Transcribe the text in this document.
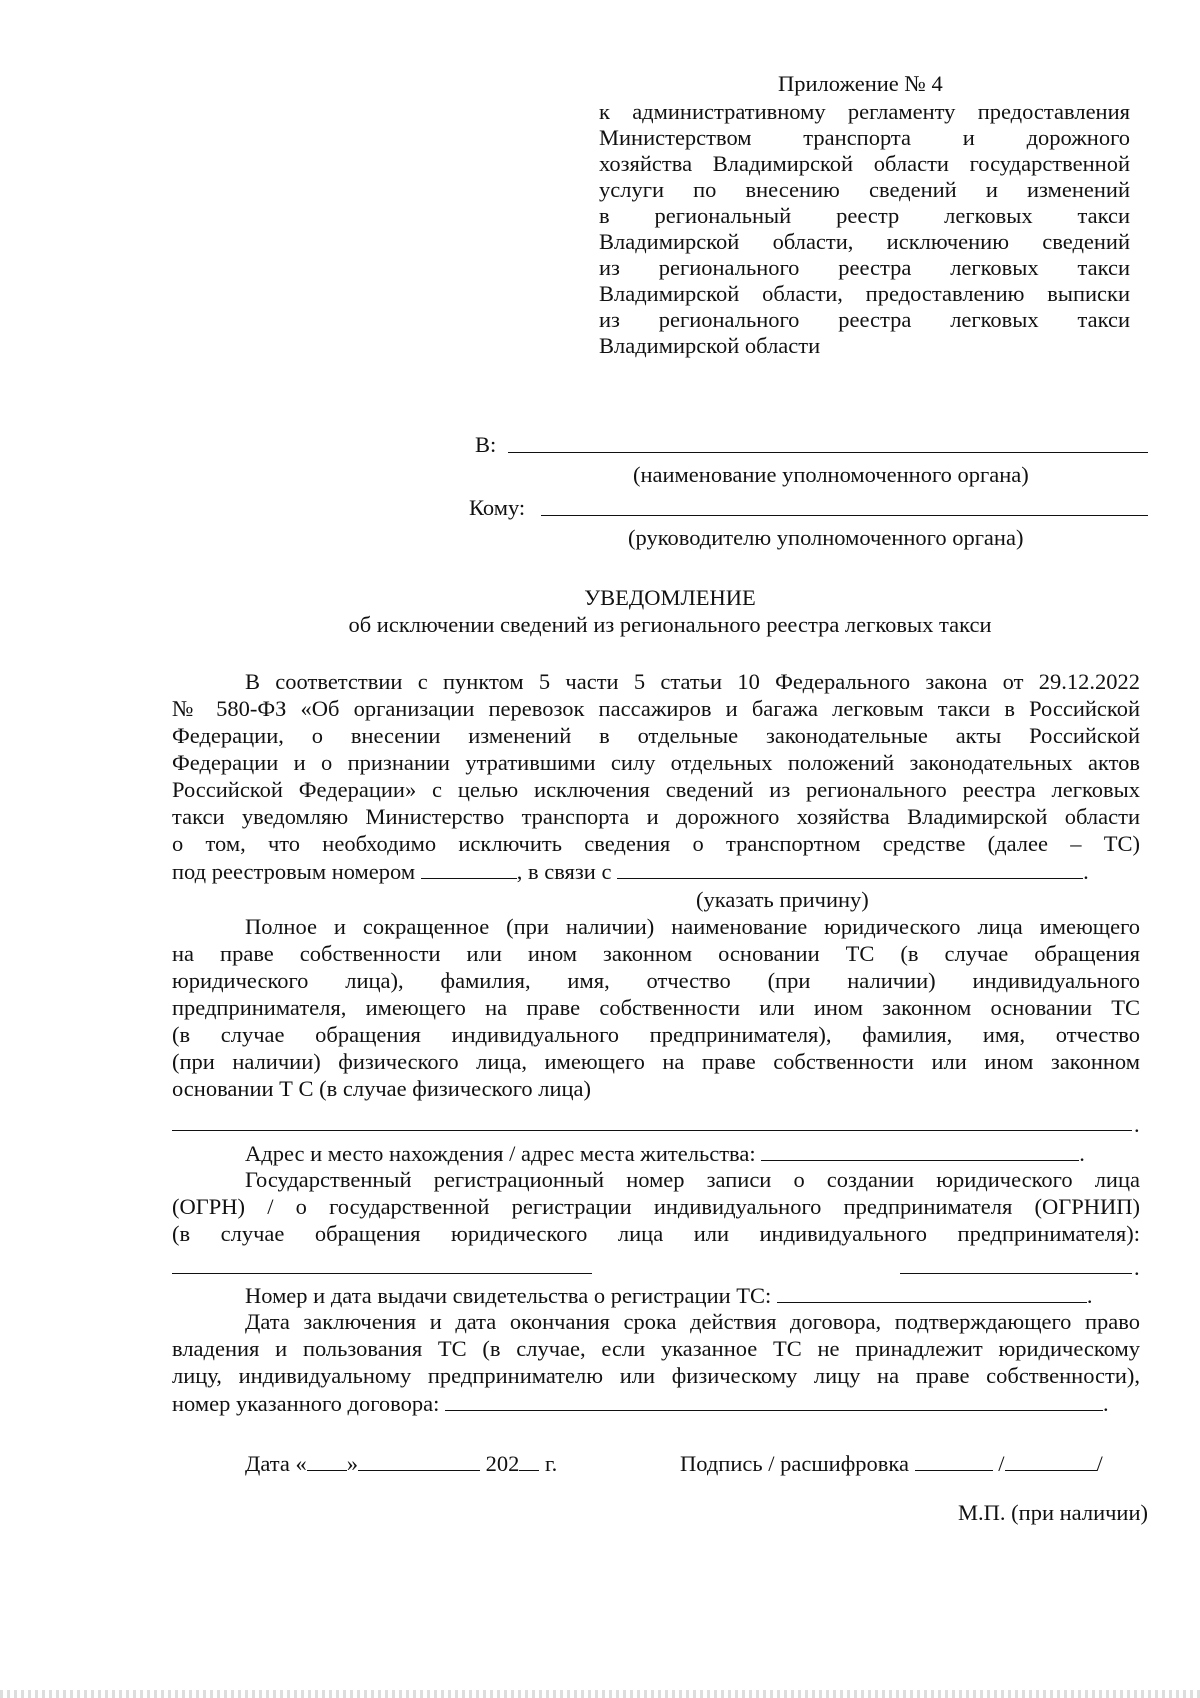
Приложение № 4
к административному регламенту предоставления
Министерством транспорта и дорожного
хозяйства Владимирской области государственной
услуги по внесению сведений и изменений
в региональный реестр легковых такси
Владимирской области, исключению сведений
из регионального реестра легковых такси
Владимирской области, предоставлению выписки
из регионального реестра легковых такси
Владимирской области
В:
(наименование уполномоченного органа)
Кому:
(руководителю уполномоченного органа)
УВЕДОМЛЕНИЕ
об исключении сведений из регионального реестра легковых такси
В соответствии с пунктом 5 части 5 статьи 10 Федерального закона от 29.12.2022
№ 580-ФЗ «Об организации перевозок пассажиров и багажа легковым такси в Российской
Федерации, о внесении изменений в отдельные законодательные акты Российской
Федерации и о признании утратившими силу отдельных положений законодательных актов
Российской Федерации» с целью исключения сведений из регионального реестра легковых
такси уведомляю Министерство транспорта и дорожного хозяйства Владимирской области
о том, что необходимо исключить сведения о транспортном средстве (далее – ТС)
под реестровым номером	, в связи с	.
(указать причину)
Полное и сокращенное (при наличии) наименование юридического лица имеющего
на праве собственности или ином законном основании ТС (в случае обращения
юридического лица), фамилия, имя, отчество (при наличии) индивидуального
предпринимателя, имеющего на праве собственности или ином законном основании ТС
(в случае обращения индивидуального предпринимателя), фамилия, имя, отчество
(при наличии) физического лица, имеющего на праве собственности или ином законном
основании Т С (в случае физического лица)
.
Адрес и место нахождения / адрес места жительства:	.
Государственный регистрационный номер записи о создании юридического лица
(ОГРН) / о государственной регистрации индивидуального предпринимателя (ОГРНИП)
(в случае обращения юридического лица или индивидуального предпринимателя):
.
Номер и дата выдачи свидетельства о регистрации ТС:	.
Дата заключения и дата окончания срока действия договора, подтверждающего право
владения и пользования ТС (в случае, если указанное ТС не принадлежит юридическому
лицу, индивидуальному предпринимателю или физическому лицу на праве собственности),
номер указанного договора:	.
Дата « »	202 г.	Подпись / расшифровка	/	/
М.П. (при наличии)
